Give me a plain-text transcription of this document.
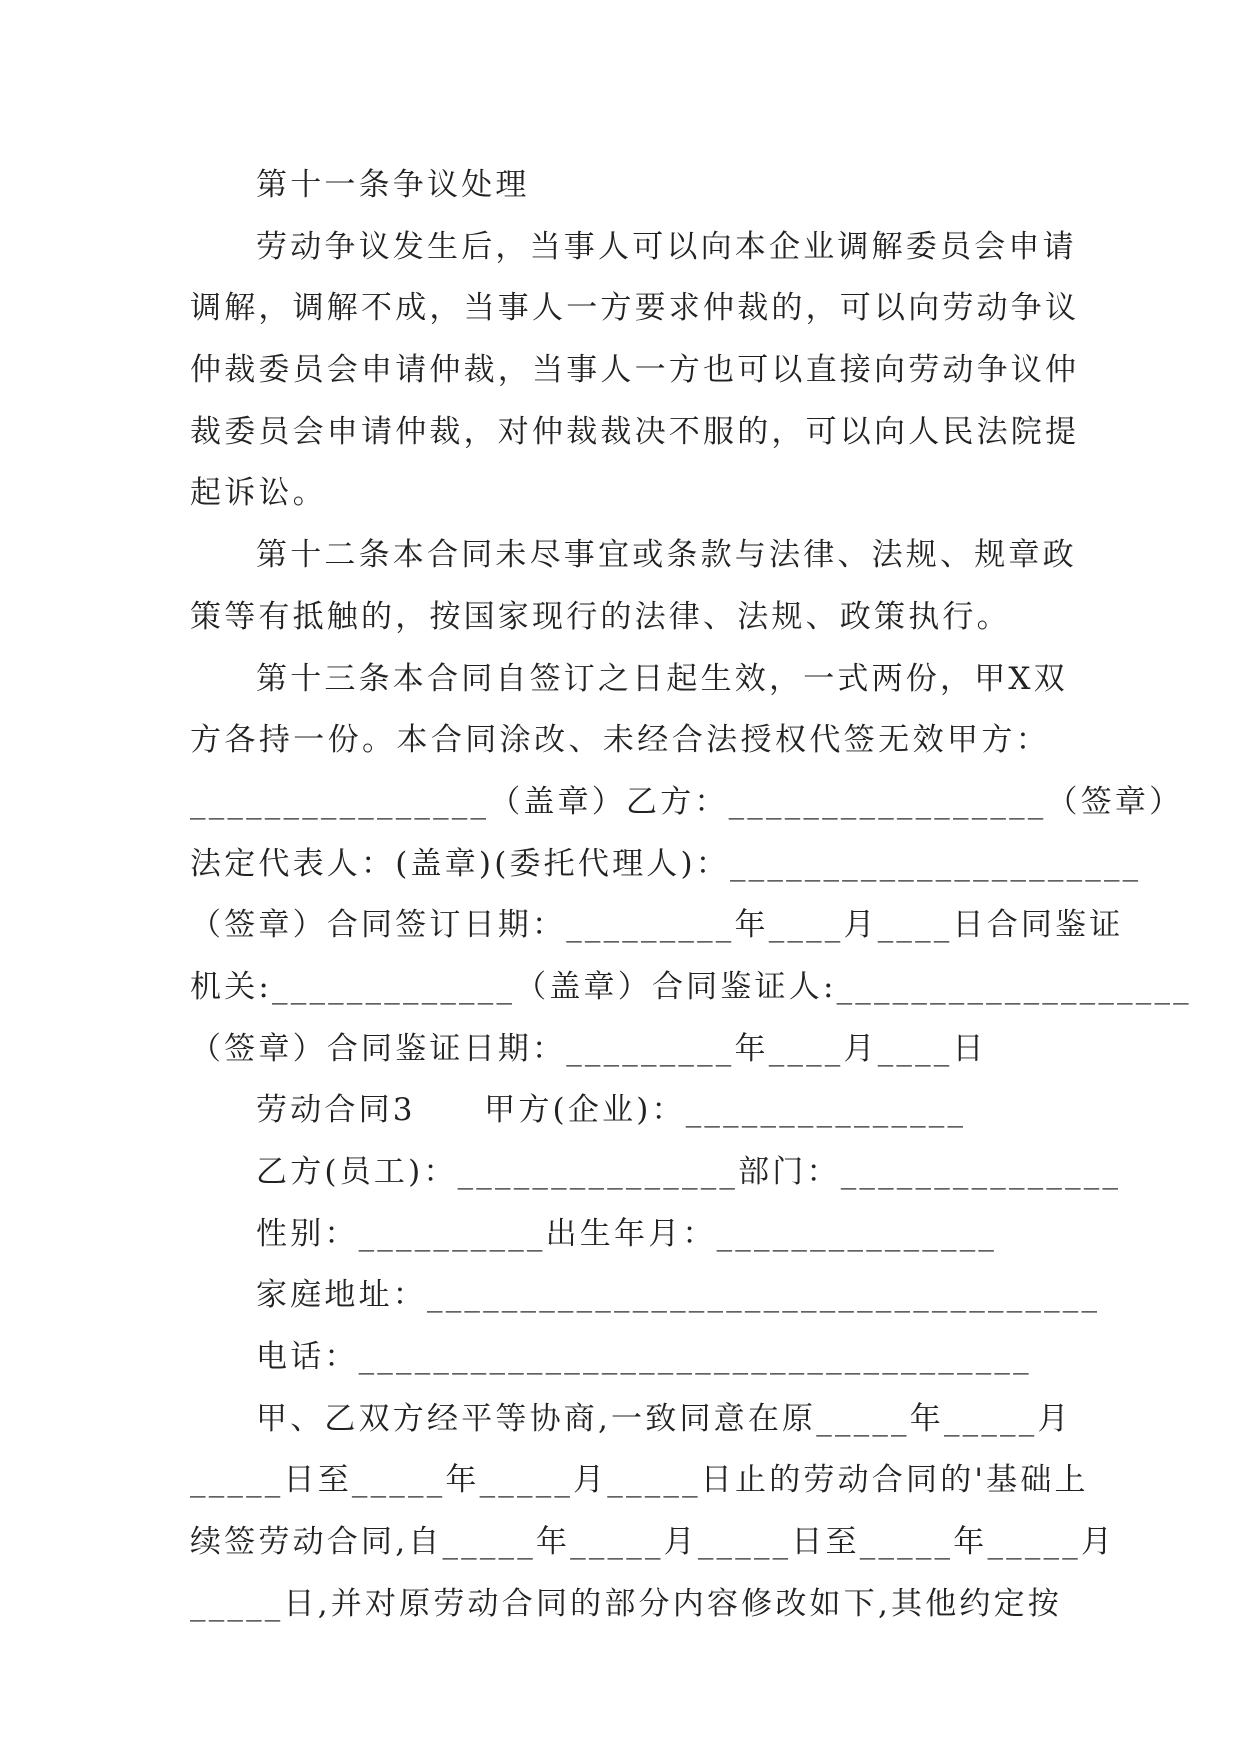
第十一条争议处理
劳动争议发生后，当事人可以向本企业调解委员会申请
调解，调解不成，当事人一方要求仲裁的，可以向劳动争议
仲裁委员会申请仲裁，当事人一方也可以直接向劳动争议仲
裁委员会申请仲裁，对仲裁裁决不服的，可以向人民法院提
起诉讼。
第十二条本合同未尽事宜或条款与法律、法规、规章政
策等有抵触的，按国家现行的法律、法规、政策执行。
第十三条本合同自签订之日起生效，一式两份，甲X双
方各持一份。本合同涂改、未经合法授权代签无效甲方：
________________（盖章）乙方：_________________（签章）
法定代表人：(盖章)(委托代理人)：______________________
（签章）合同签订日期：_________年____月____日合同鉴证
机关:_____________（盖章）合同鉴证人:___________________
（签章）合同鉴证日期：_________年____月____日
劳动合同3　　甲方(企业)：_______________
乙方(员工)：_______________部门：_______________
性别：__________出生年月：_______________
家庭地址：____________________________________
电话：____________________________________
甲、乙双方经平等协商,一致同意在原_____年_____月
_____日至_____年_____月_____日止的劳动合同的'基础上
续签劳动合同,自_____年_____月_____日至_____年_____月
_____日,并对原劳动合同的部分内容修改如下,其他约定按
